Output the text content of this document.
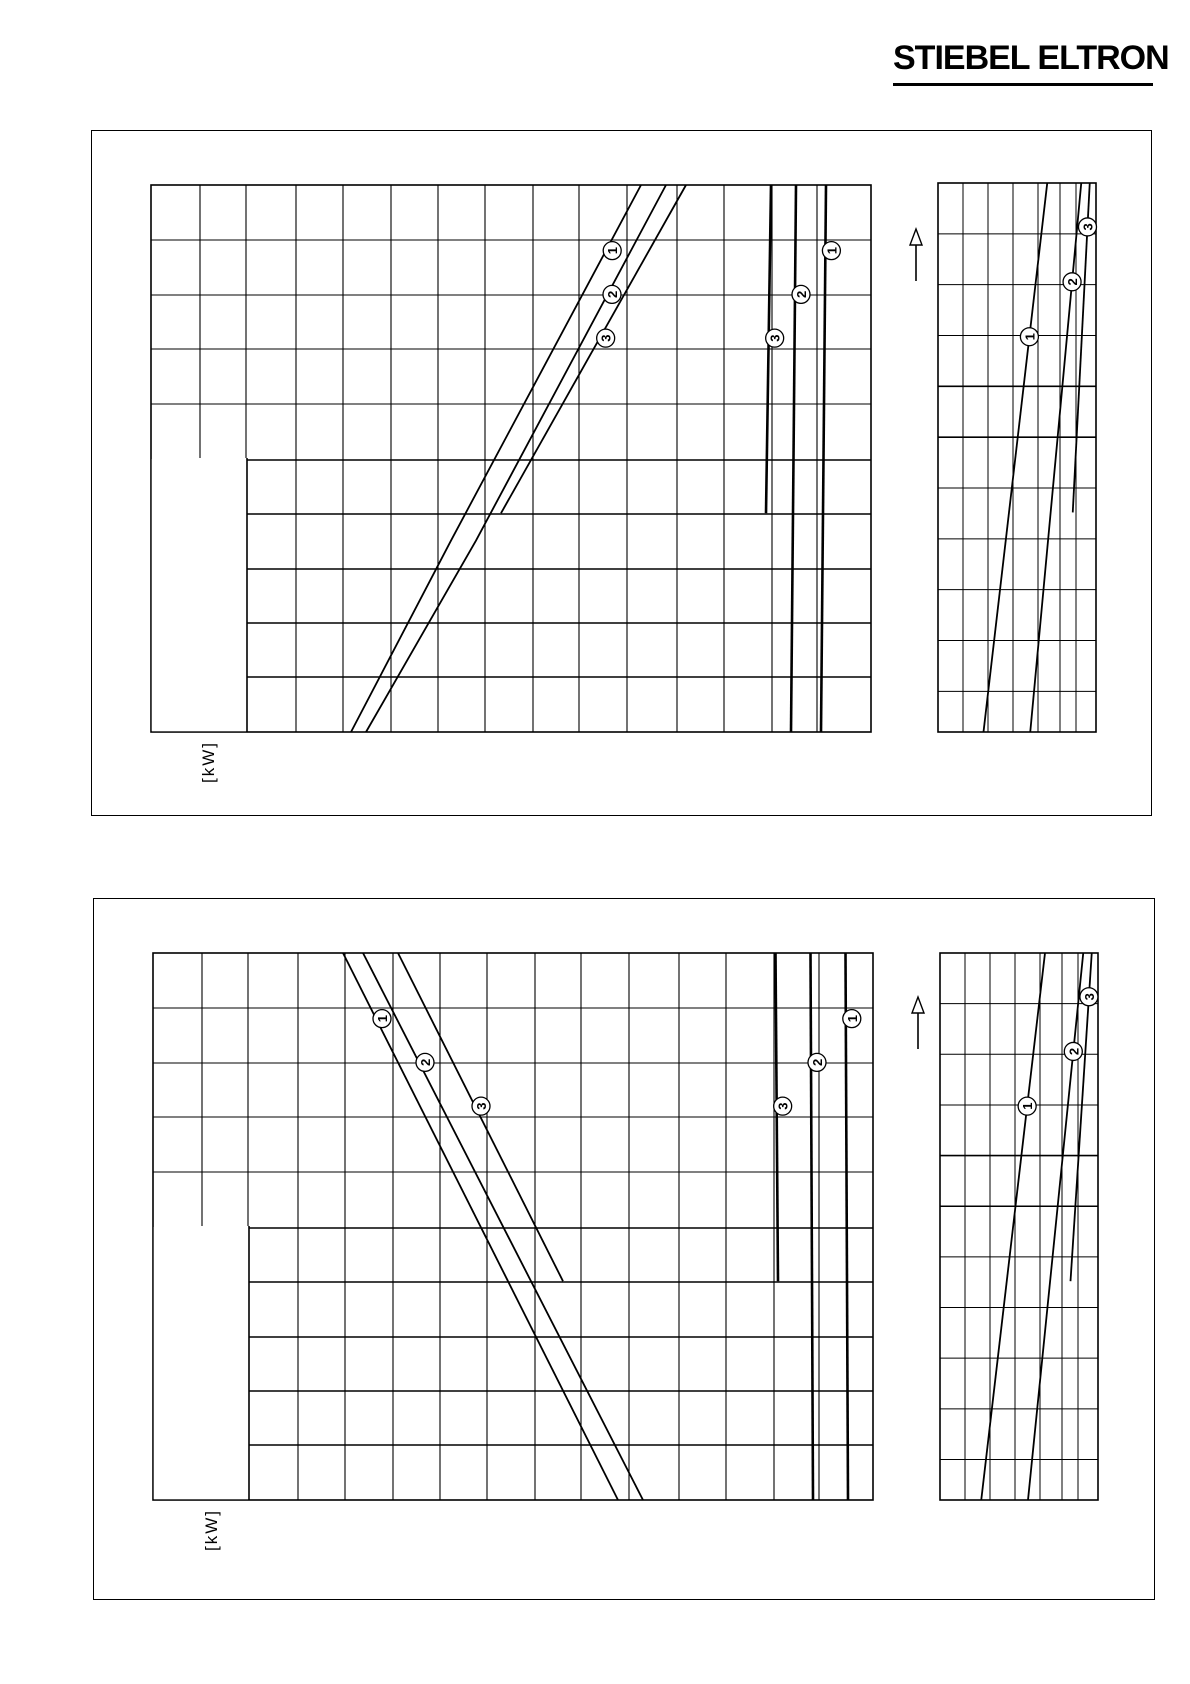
STIEBEL ELTRON
1
2
3
1
2
3	1
2
3
[kW]
1
2
3
1
2
3	1
2
3
[kW]
